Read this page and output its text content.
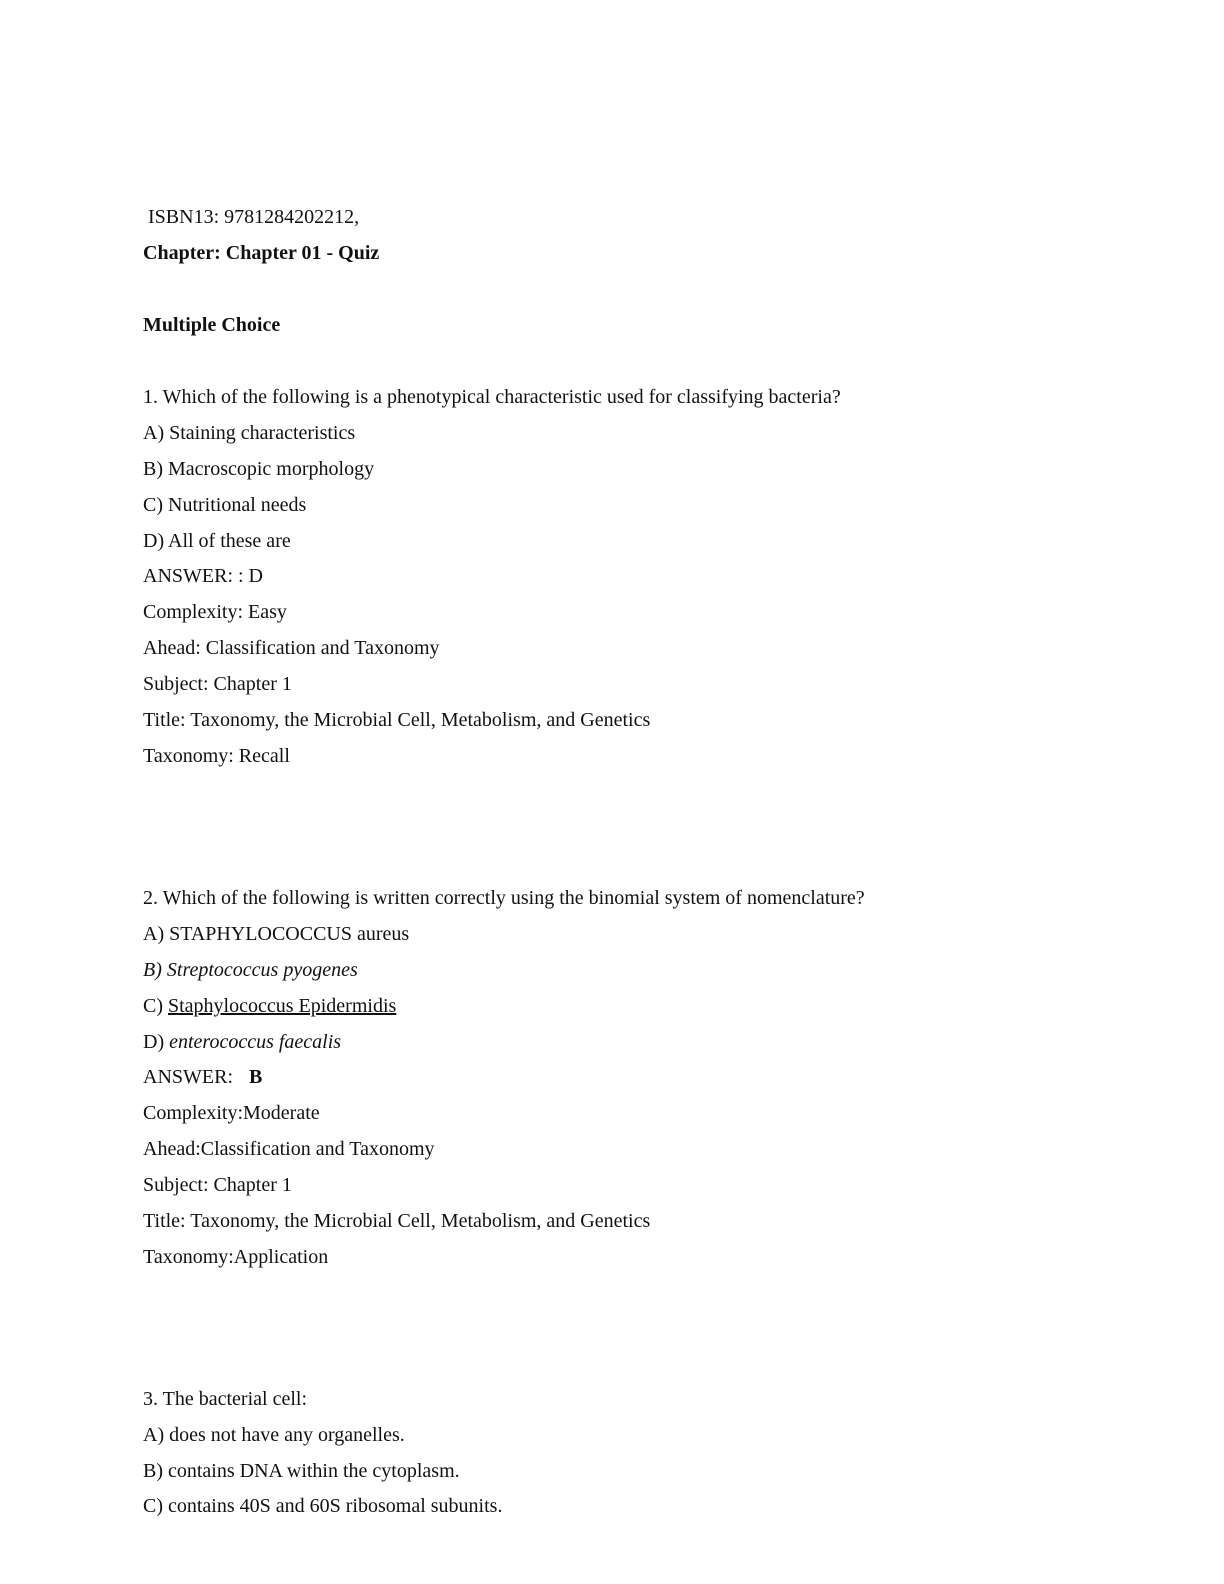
ISBN13: 9781284202212,
Chapter: Chapter 01 - Quiz
Multiple Choice
1. Which of the following is a phenotypical characteristic used for classifying bacteria?
A) Staining characteristics
B) Macroscopic morphology
C) Nutritional needs
D) All of these are
ANSWER: : D
Complexity: Easy
Ahead: Classification and Taxonomy
Subject: Chapter 1
Title: Taxonomy, the Microbial Cell, Metabolism, and Genetics
Taxonomy: Recall
2. Which of the following is written correctly using the binomial system of nomenclature?
A) STAPHYLOCOCCUS aureus
B) Streptococcus pyogenes
C) Staphylococcus Epidermidis
D) enterococcus faecalis
ANSWER: B
Complexity:Moderate
Ahead:Classification and Taxonomy
Subject: Chapter 1
Title: Taxonomy, the Microbial Cell, Metabolism, and Genetics
Taxonomy:Application
3. The bacterial cell:
A) does not have any organelles.
B) contains DNA within the cytoplasm.
C) contains 40S and 60S ribosomal subunits.
